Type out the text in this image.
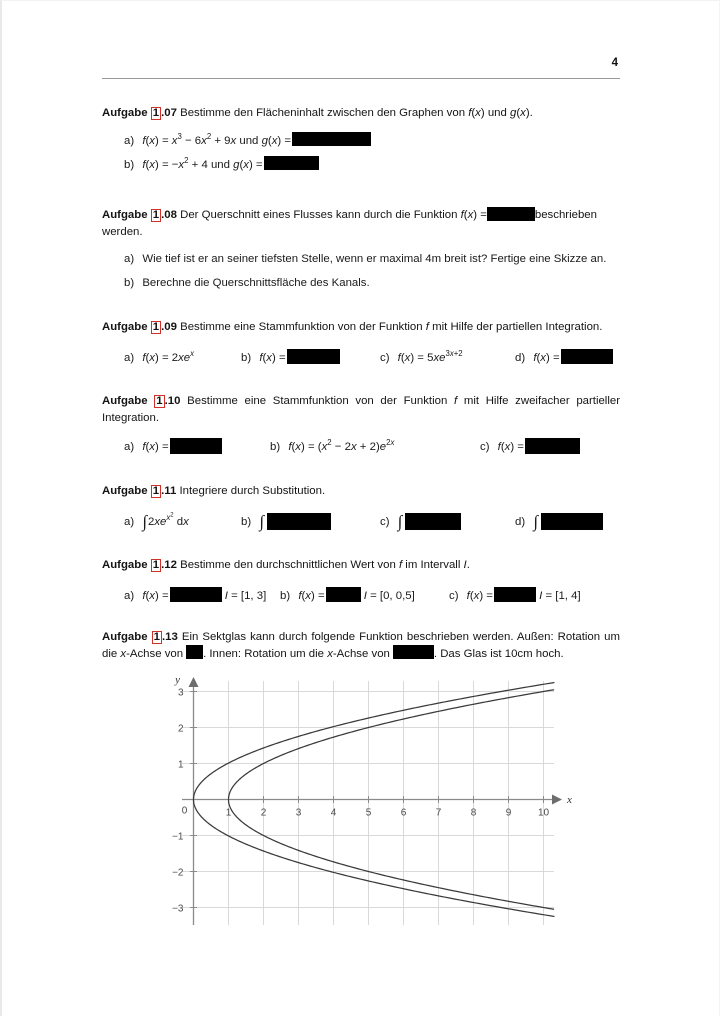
4
Aufgabe 1 .07 Bestimme den Flächeninhalt zwischen den Graphen von f(x) und g(x).
a) $f(x) = x^3 - 6x^2 + 9x$ und g(x) =
b) $f(x) = -x^2 + 4$ und g(x) =
Aufgabe 1 .08 Der Querschnitt eines Flusses kann durch die Funktion f(x) =	beschrieben werden.
a) Wie tief ist er an seiner tiefsten Stelle, wenn er maximal 4m breit ist? Fertige eine Skizze an.
b) Berechne die Querschnittsfläche des Kanals.
Aufgabe 1 .09 Bestimme eine Stammfunktion von der Funktion f mit Hilfe der partiellen Integration.
a) $f(x) = 2xe^x$	b) f(x) =	c) $f(x) = 5xe^{3x+2}$	d) f(x) =
Aufgabe 1 .10 Bestimme eine Stammfunktion von der Funktion f mit Hilfe zweifacher partieller Integration.
a) f(x) =	b) $f(x) = (x^2 - 2x + 2)e^{2x}$	c) f(x) =
Aufgabe 1 .11 Integriere durch Substitution.
a) $\int 2xe^{x^2}$ dx	b) ∫	c) ∫	d) ∫
Aufgabe 1 .12 Bestimme den durchschnittlichen Wert von f im Intervall I.
a) f(x) =	I = [1, 3] b) f(x) =	I = [0, 0,5]	c) f(x) =	I = [1, 4]
Aufgabe 1 .13 Ein Sektglas kann durch folgende Funktion beschrieben werden. Außen: Rotation um die x-Achse von . Innen: Rotation um die x-Achse von	. Das Glas ist 10cm hoch.
x
y
0	1	2	3	4	5	6	7	8	9	10
3
2
1
−1
−2
−3
